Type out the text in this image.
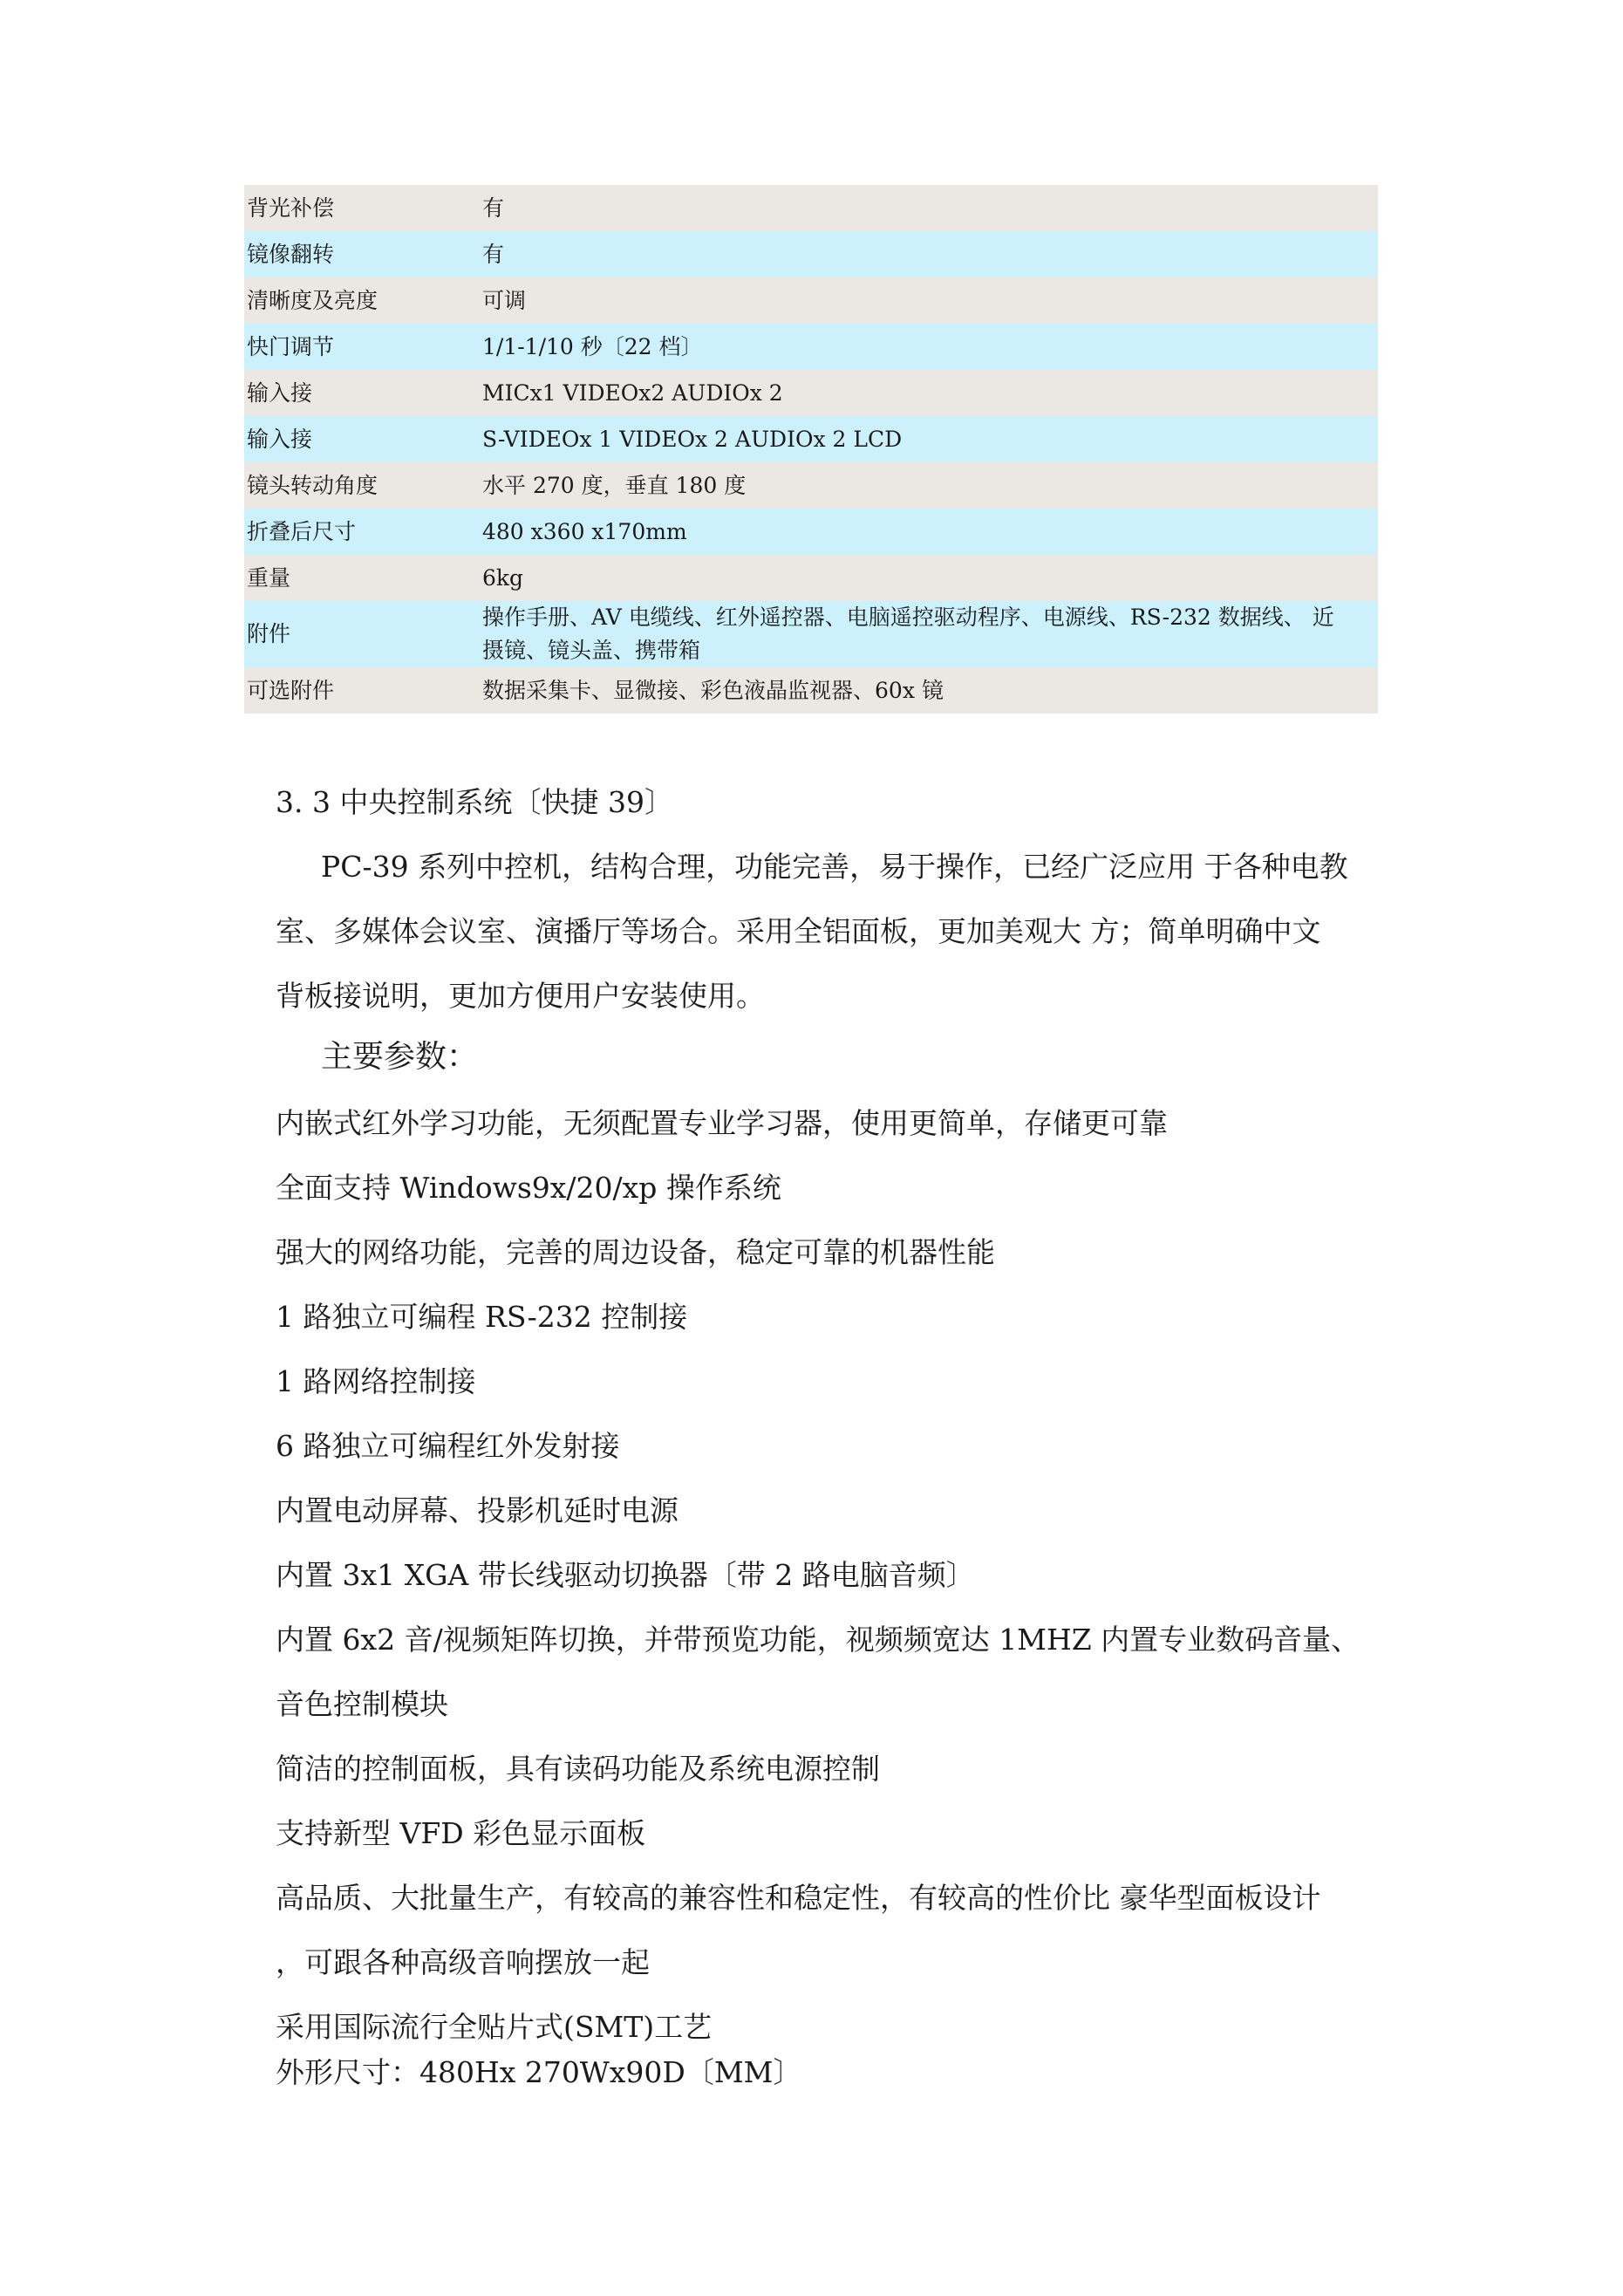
背光补偿	有
镜像翻转	有
清晰度及亮度	可调
快门调节	1/1-1/10 秒〔22 档〕
输入接	MICx1 VIDEOx2 AUDIOx 2
输入接	S-VIDEOx 1 VIDEOx 2 AUDIOx 2 LCD
镜头转动角度	水平 270 度，垂直 180 度
折叠后尺寸	480 x360 x170mm
重量	6kg
附件	操作手册、AV 电缆线、红外遥控器、电脑遥控驱动程序、电源线、RS-232 数据线、 近
摄镜、镜头盖、携带箱

可选附件	数据采集卡、显微接、彩色液晶监视器、60x 镜
3. 3 中央控制系统〔快捷 39〕
PC-39 系列中控机，结构合理，功能完善，易于操作，已经广泛应用 于各种电教
室、多媒体会议室、演播厅等场合。采用全铝面板，更加美观大 方；简单明确中文
背板接说明，更加方便用户安装使用。
主要参数：
内嵌式红外学习功能，无须配置专业学习器，使用更简单，存储更可靠
全面支持 Windows9x/20/xp 操作系统
强大的网络功能，完善的周边设备，稳定可靠的机器性能
1 路独立可编程 RS-232 控制接
1 路网络控制接
6 路独立可编程红外发射接
内置电动屏幕、投影机延时电源
内置 3x1 XGA 带长线驱动切换器〔带 2 路电脑音频〕
内置 6x2 音/视频矩阵切换，并带预览功能，视频频宽达 1MHZ 内置专业数码音量、
音色控制模块
简洁的控制面板，具有读码功能及系统电源控制
支持新型 VFD 彩色显示面板
高品质、大批量生产，有较高的兼容性和稳定性，有较高的性价比 豪华型面板设计
，可跟各种高级音响摆放一起
采用国际流行全贴片式(SMT)工艺
外形尺寸：480Hx 270Wx90D〔MM〕
